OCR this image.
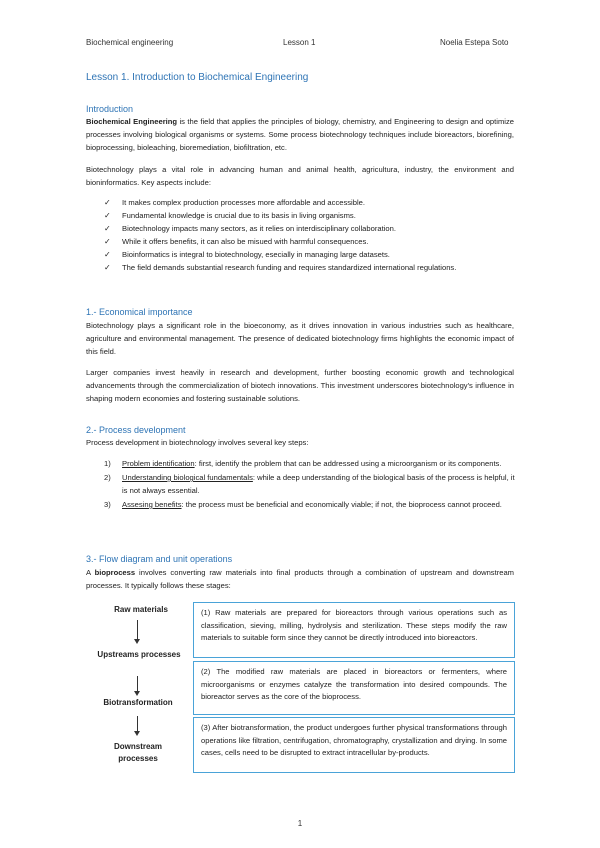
Biochemical engineering	Lesson 1	Noelia Estepa Soto
Lesson 1. Introduction to Biochemical Engineering
Introduction
Biochemical Engineering is the field that applies the principles of biology, chemistry, and Engineering to design and optimize processes involving biological organisms or systems. Some process biotechnology techniques include bioreactors, biorefining, bioprocessing, bioleaching, bioremediation, biofiltration, etc.
Biotechnology plays a vital role in advancing human and animal health, agricultura, industry, the environment and bioninformatics. Key aspects include:
✓ It makes complex production processes more affordable and accessible.
✓ Fundamental knowledge is crucial due to its basis in living organisms.
✓ Biotechnology impacts many sectors, as it relies on interdisciplinary collaboration.
✓ While it offers benefits, it can also be misued with harmful consequences.
✓ Bioinformatics is integral to biotechnology, esecially in managing large datasets.
✓ The field demands substantial research funding and requires standardized international regulations.
1.- Economical importance
Biotechnology plays a significant role in the bioeconomy, as it drives innovation in various industries such as healthcare, agriculture and environmental management. The presence of dedicated biotechnology firms highlights the economic impact of this field.
Larger companies invest heavily in research and development, further boosting economic growth and technological advancements through the commercialization of biotech innovations. This investment underscores biotechnology's influence in shaping modern economies and fostering sustainable solutions.
2.- Process development
Process development in biotechnology involves several key steps:
1) Problem identification: first, identify the problem that can be addressed using a microorganism or its components.
2) Understanding biological fundamentals: while a deep understanding of the biological basis of the process is helpful, it is not always essential.
3) Assesing benefits: the process must be beneficial and economically viable; if not, the bioprocess cannot proceed.
3.- Flow diagram and unit operations
A bioprocess involves converting raw materials into final products through a combination of upstream and downstream processes. It typically follows these stages:
Raw materials
Upstreams processes
Biotransformation
Downstream processes
(1) Raw materials are prepared for bioreactors through various operations such as classification, sieving, milling, hydrolysis and sterilization. These steps modify the raw materials to suitable form since they cannot be directly introduced into bioreactors.
(2) The modified raw materials are placed in bioreactors or fermenters, where microorganisms or enzymes catalyze the transformation into desired compounds. The bioreactor serves as the core of the bioprocess.
(3) After biotransformation, the product undergoes further physical transformations through operations like filtration, centrifugation, chromatography, crystallization and drying. In some cases, cells need to be disrupted to extract intracellular by-products.
1
